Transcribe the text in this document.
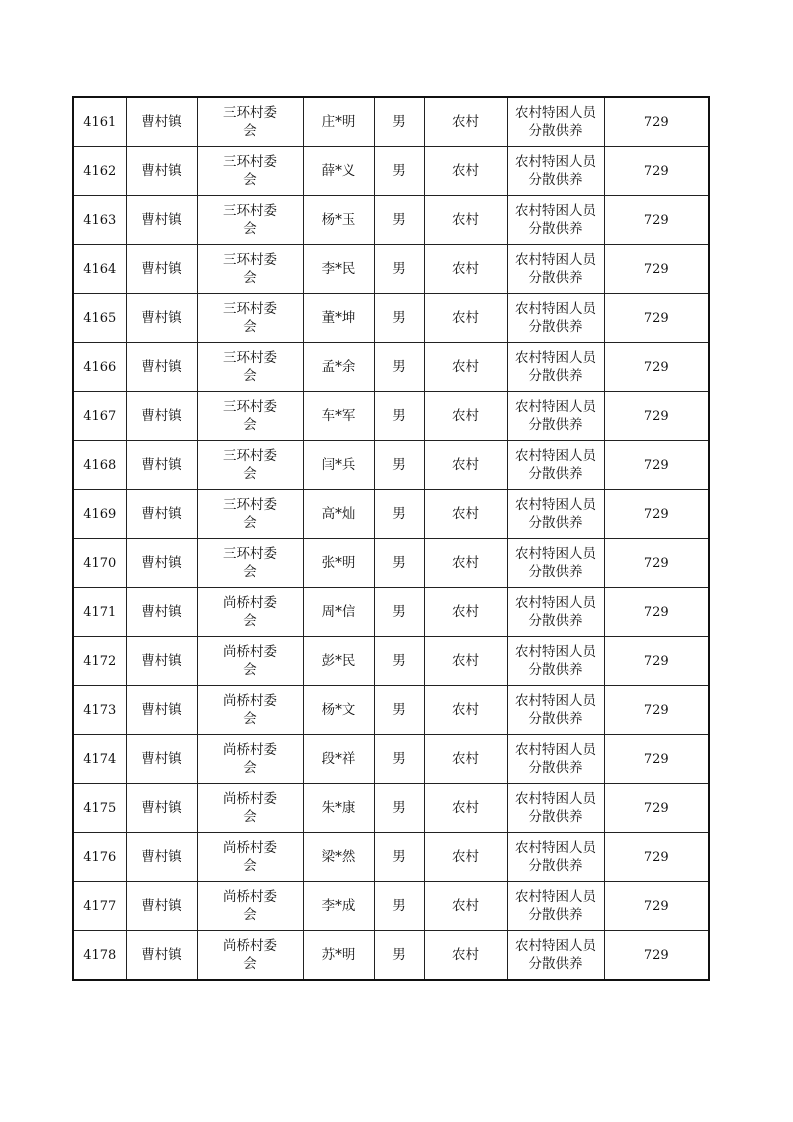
4161	曹村镇	三环村委会	庄*明	男	农村	农村特困人员分散供养	729
4162	曹村镇	三环村委会	薛*义	男	农村	农村特困人员分散供养	729
4163	曹村镇	三环村委会	杨*玉	男	农村	农村特困人员分散供养	729
4164	曹村镇	三环村委会	李*民	男	农村	农村特困人员分散供养	729
4165	曹村镇	三环村委会	董*坤	男	农村	农村特困人员分散供养	729
4166	曹村镇	三环村委会	孟*余	男	农村	农村特困人员分散供养	729
4167	曹村镇	三环村委会	车*军	男	农村	农村特困人员分散供养	729
4168	曹村镇	三环村委会	闫*兵	男	农村	农村特困人员分散供养	729
4169	曹村镇	三环村委会	高*灿	男	农村	农村特困人员分散供养	729
4170	曹村镇	三环村委会	张*明	男	农村	农村特困人员分散供养	729
4171	曹村镇	尚桥村委会	周*信	男	农村	农村特困人员分散供养	729
4172	曹村镇	尚桥村委会	彭*民	男	农村	农村特困人员分散供养	729
4173	曹村镇	尚桥村委会	杨*文	男	农村	农村特困人员分散供养	729
4174	曹村镇	尚桥村委会	段*祥	男	农村	农村特困人员分散供养	729
4175	曹村镇	尚桥村委会	朱*康	男	农村	农村特困人员分散供养	729
4176	曹村镇	尚桥村委会	梁*然	男	农村	农村特困人员分散供养	729
4177	曹村镇	尚桥村委会	李*成	男	农村	农村特困人员分散供养	729
4178	曹村镇	尚桥村委会	苏*明	男	农村	农村特困人员分散供养	729
